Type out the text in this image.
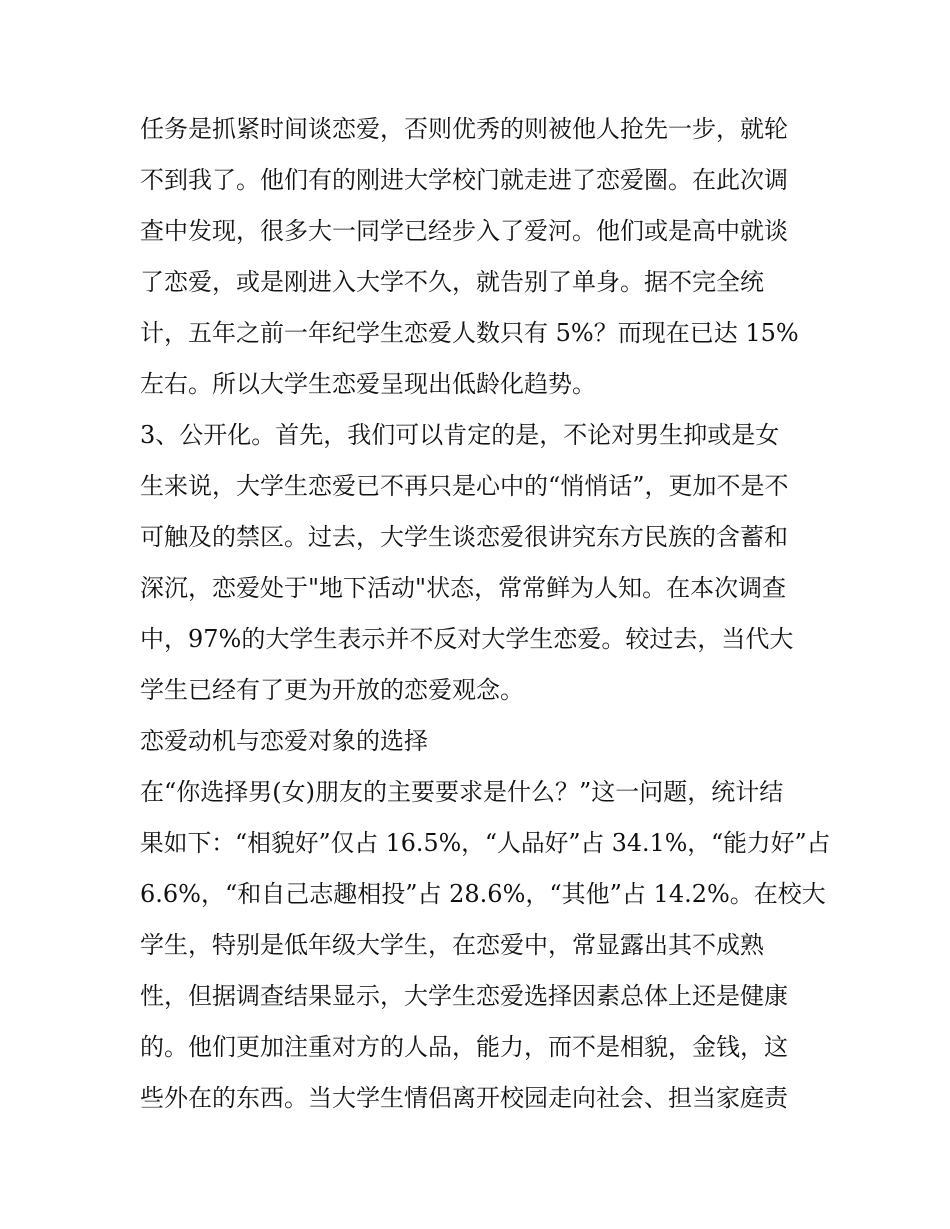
任务是抓紧时间谈恋爱，否则优秀的则被他人抢先一步，就轮
不到我了。他们有的刚进大学校门就走进了恋爱圈。在此次调
查中发现，很多大一同学已经步入了爱河。他们或是高中就谈
了恋爱，或是刚进入大学不久，就告别了单身。据不完全统
计，五年之前一年纪学生恋爱人数只有 5%？而现在已达 15%
左右。所以大学生恋爱呈现出低龄化趋势。
3、公开化。首先，我们可以肯定的是，不论对男生抑或是女
生来说，大学生恋爱已不再只是心中的“悄悄话”，更加不是不
可触及的禁区。过去，大学生谈恋爱很讲究东方民族的含蓄和
深沉，恋爱处于"地下活动"状态，常常鲜为人知。在本次调查
中，97%的大学生表示并不反对大学生恋爱。较过去，当代大
学生已经有了更为开放的恋爱观念。
恋爱动机与恋爱对象的选择
在“你选择男(女)朋友的主要要求是什么？”这一问题，统计结
果如下：“相貌好”仅占 16.5%，“人品好”占 34.1%，“能力好”占
6.6%，“和自己志趣相投”占 28.6%，“其他”占 14.2%。在校大
学生，特别是低年级大学生，在恋爱中，常显露出其不成熟
性，但据调查结果显示，大学生恋爱选择因素总体上还是健康
的。他们更加注重对方的人品，能力，而不是相貌，金钱，这
些外在的东西。当大学生情侣离开校园走向社会、担当家庭责
